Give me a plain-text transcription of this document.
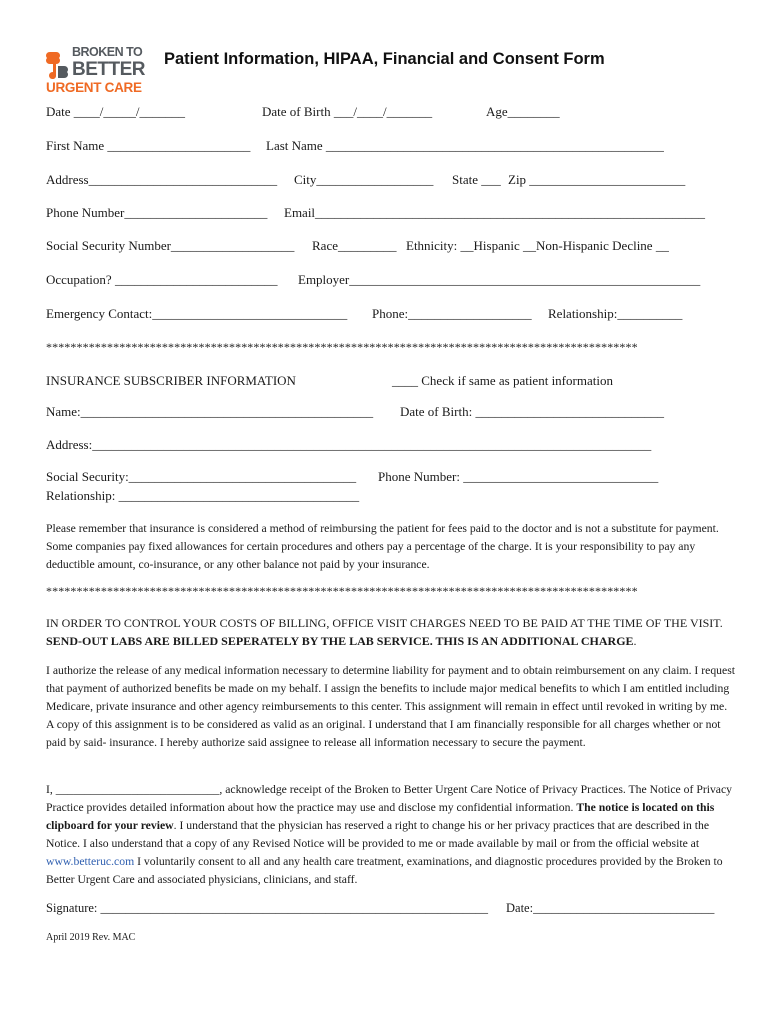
BROKEN TO
BETTER
URGENT CARE
Patient Information, HIPAA, Financial and Consent Form
Date ____/_____/_______	Date of Birth ___/____/_______	Age________
First Name ______________________ Last Name ____________________________________________________
Address_____________________________ City__________________ State ___ Zip ________________________
Phone Number______________________ Email____________________________________________________________
Social Security Number___________________ Race_________ Ethnicity: __Hispanic __Non-Hispanic Decline __
Occupation? _________________________ Employer______________________________________________________
Emergency Contact:______________________________ Phone:___________________ Relationship:__________
*************************************************************************************************
INSURANCE SUBSCRIBER INFORMATION	____ Check if same as patient information
Name:_____________________________________________ Date of Birth: _____________________________
Address:______________________________________________________________________________________
Social Security:___________________________________ Phone Number: ______________________________
Relationship: _____________________________________
Please remember that insurance is considered a method of reimbursing the patient for fees paid to the doctor and is not a substitute for payment. Some companies pay fixed allowances for certain procedures and others pay a percentage of the charge. It is your responsibility to pay any deductible amount, co-insurance, or any other balance not paid by your insurance.
*************************************************************************************************
IN ORDER TO CONTROL YOUR COSTS OF BILLING, OFFICE VISIT CHARGES NEED TO BE PAID AT THE TIME OF THE VISIT. SEND-OUT LABS ARE BILLED SEPERATELY BY THE LAB SERVICE. THIS IS AN ADDITIONAL CHARGE.
I authorize the release of any medical information necessary to determine liability for payment and to obtain reimbursement on any claim. I request that payment of authorized benefits be made on my behalf. I assign the benefits to include major medical benefits to which I am entitled including Medicare, private insurance and other agency reimbursements to this center. This assignment will remain in effect until revoked in writing by me. A copy of this assignment is to be considered as valid as an original. I understand that I am financially responsible for all charges whether or not paid by said- insurance. I hereby authorize said assignee to release all information necessary to secure the payment.
I, ____________________________, acknowledge receipt of the Broken to Better Urgent Care Notice of Privacy Practices. The Notice of Privacy Practice provides detailed information about how the practice may use and disclose my confidential information. The notice is located on this clipboard for your review. I understand that the physician has reserved a right to change his or her privacy practices that are described in the Notice. I also understand that a copy of any Revised Notice will be provided to me or made available by mail or from the official website at www.betteruc.com I voluntarily consent to all and any health care treatment, examinations, and diagnostic procedures provided by the Broken to Better Urgent Care and associated physicians, clinicians, and staff.
Signature: ______________________________________________________________ Date:_____________________________
April 2019 Rev. MAC
